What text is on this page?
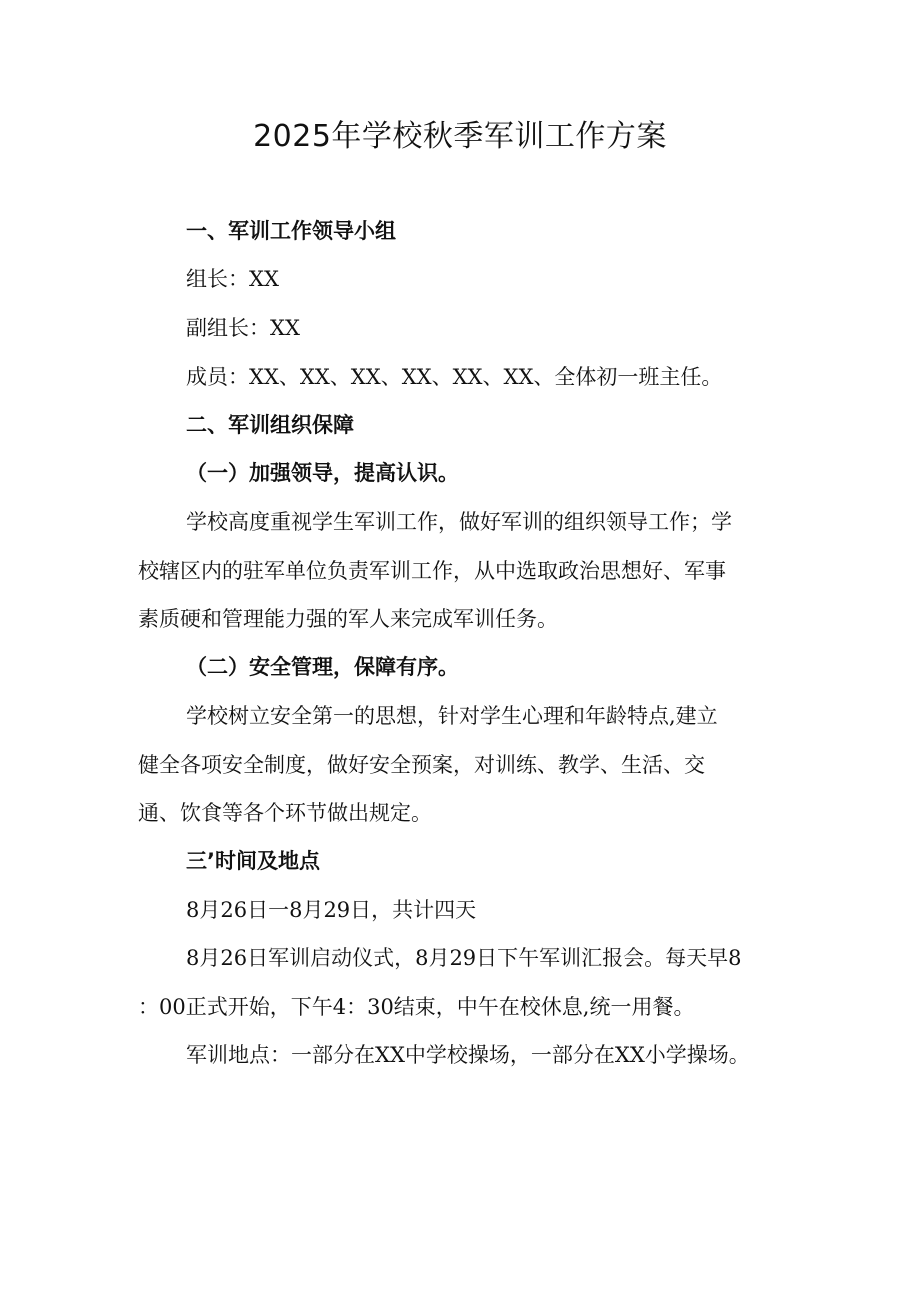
2025年学校秋季军训工作方案
一、军训工作领导小组
组长：XX
副组长：XX
成员：XX、XX、XX、XX、XX、XX、全体初一班主任。
二、军训组织保障
（一）加强领导，提高认识。
学校高度重视学生军训工作，做好军训的组织领导工作；学
校辖区内的驻军单位负责军训工作，从中选取政治思想好、军事
素质硬和管理能力强的军人来完成军训任务。
（二）安全管理，保障有序。
学校树立安全第一的思想，针对学生心理和年龄特点,建立
健全各项安全制度，做好安全预案，对训练、教学、生活、交
通、饮食等各个环节做出规定。
三’时间及地点
8月26日一8月29日，共计四天
8月26日军训启动仪式，8月29日下午军训汇报会。每天早8
：00正式开始，下午4：30结束，中午在校休息,统一用餐。
军训地点：一部分在XX中学校操场，一部分在XX小学操场。
